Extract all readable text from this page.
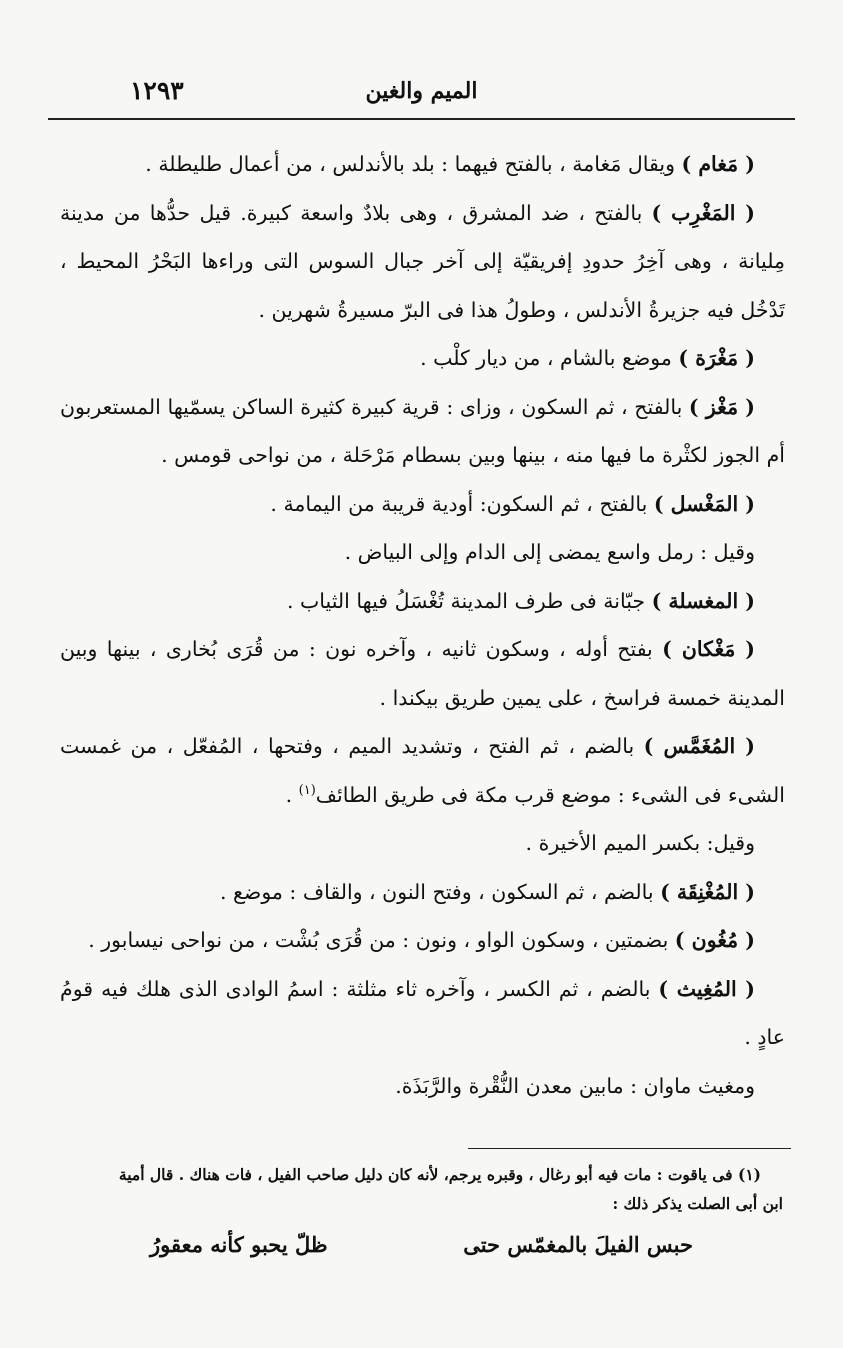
الميم والغين
١٢٩٣

( مَغام ) ويقال مَغامة ، بالفتح فيهما : بلد بالأندلس ، من أعمال طليطلة .

( المَغْرِب ) بالفتح ، ضد المشرق ، وهى بلادٌ واسعة كبيرة. قيل حدُّها من مدينة مِليانة ، وهى آخِرُ حدودِ إفريقيّة إلى آخر جبال السوس التى وراءها البَحْرُ المحيط ، تَدْخُل فيه جزيرةُ الأندلس ، وطولُ هذا فى البرّ مسيرةُ شهرين .

( مَغْرَة ) موضع بالشام ، من ديار كلْب .

( مَغْز ) بالفتح ، ثم السكون ، وزاى : قرية كبيرة كثيرة الساكن يسمّيها المستعربون أم الجوز لكثْرة ما فيها منه ، بينها وبين بسطام مَرْحَلة ، من نواحى قومس .

( المَغْسل ) بالفتح ، ثم السكون: أودية قريبة من اليمامة .

وقيل : رمل واسع يمضى إلى الدام وإلى البياض .

( المغسلة ) جبّانة فى طرف المدينة تُغْسَلُ فيها الثياب .

( مَغْكان ) بفتح أوله ، وسكون ثانيه ، وآخره نون : من قُرَى بُخارى ، بينها وبين المدينة خمسة فراسخ ، على يمين طريق بيكندا .

( المُغَمَّس ) بالضم ، ثم الفتح ، وتشديد الميم ، وفتحها ، المُفعّل ، من غمست الشىء فى الشىء : موضع قرب مكة فى طريق الطائف$^{(١)}$ .

وقيل: بكسر الميم الأخيرة .

( المُغْنِقَة ) بالضم ، ثم السكون ، وفتح النون ، والقاف : موضع .

( مُغُون ) بضمتين ، وسكون الواو ، ونون : من قُرَى بُشْت ، من نواحى نيسابور .

( المُغِيث ) بالضم ، ثم الكسر ، وآخره ثاء مثلثة : اسمُ الوادى الذى هلك فيه قومُ عادٍ .

ومغيث ماوان : مابين معدن النُّقْرة والرَّبَذَة.

(١) فى ياقوت : مات فيه أبو رغال ، وقبره يرجم، لأنه كان دليل صاحب الفيل ، فات هناك . قال أمية

ابن أبى الصلت يذكر ذلك :

حبس الفيلَ بالمغمّس حتى
ظلّ يحبو كأنه معقورُ
